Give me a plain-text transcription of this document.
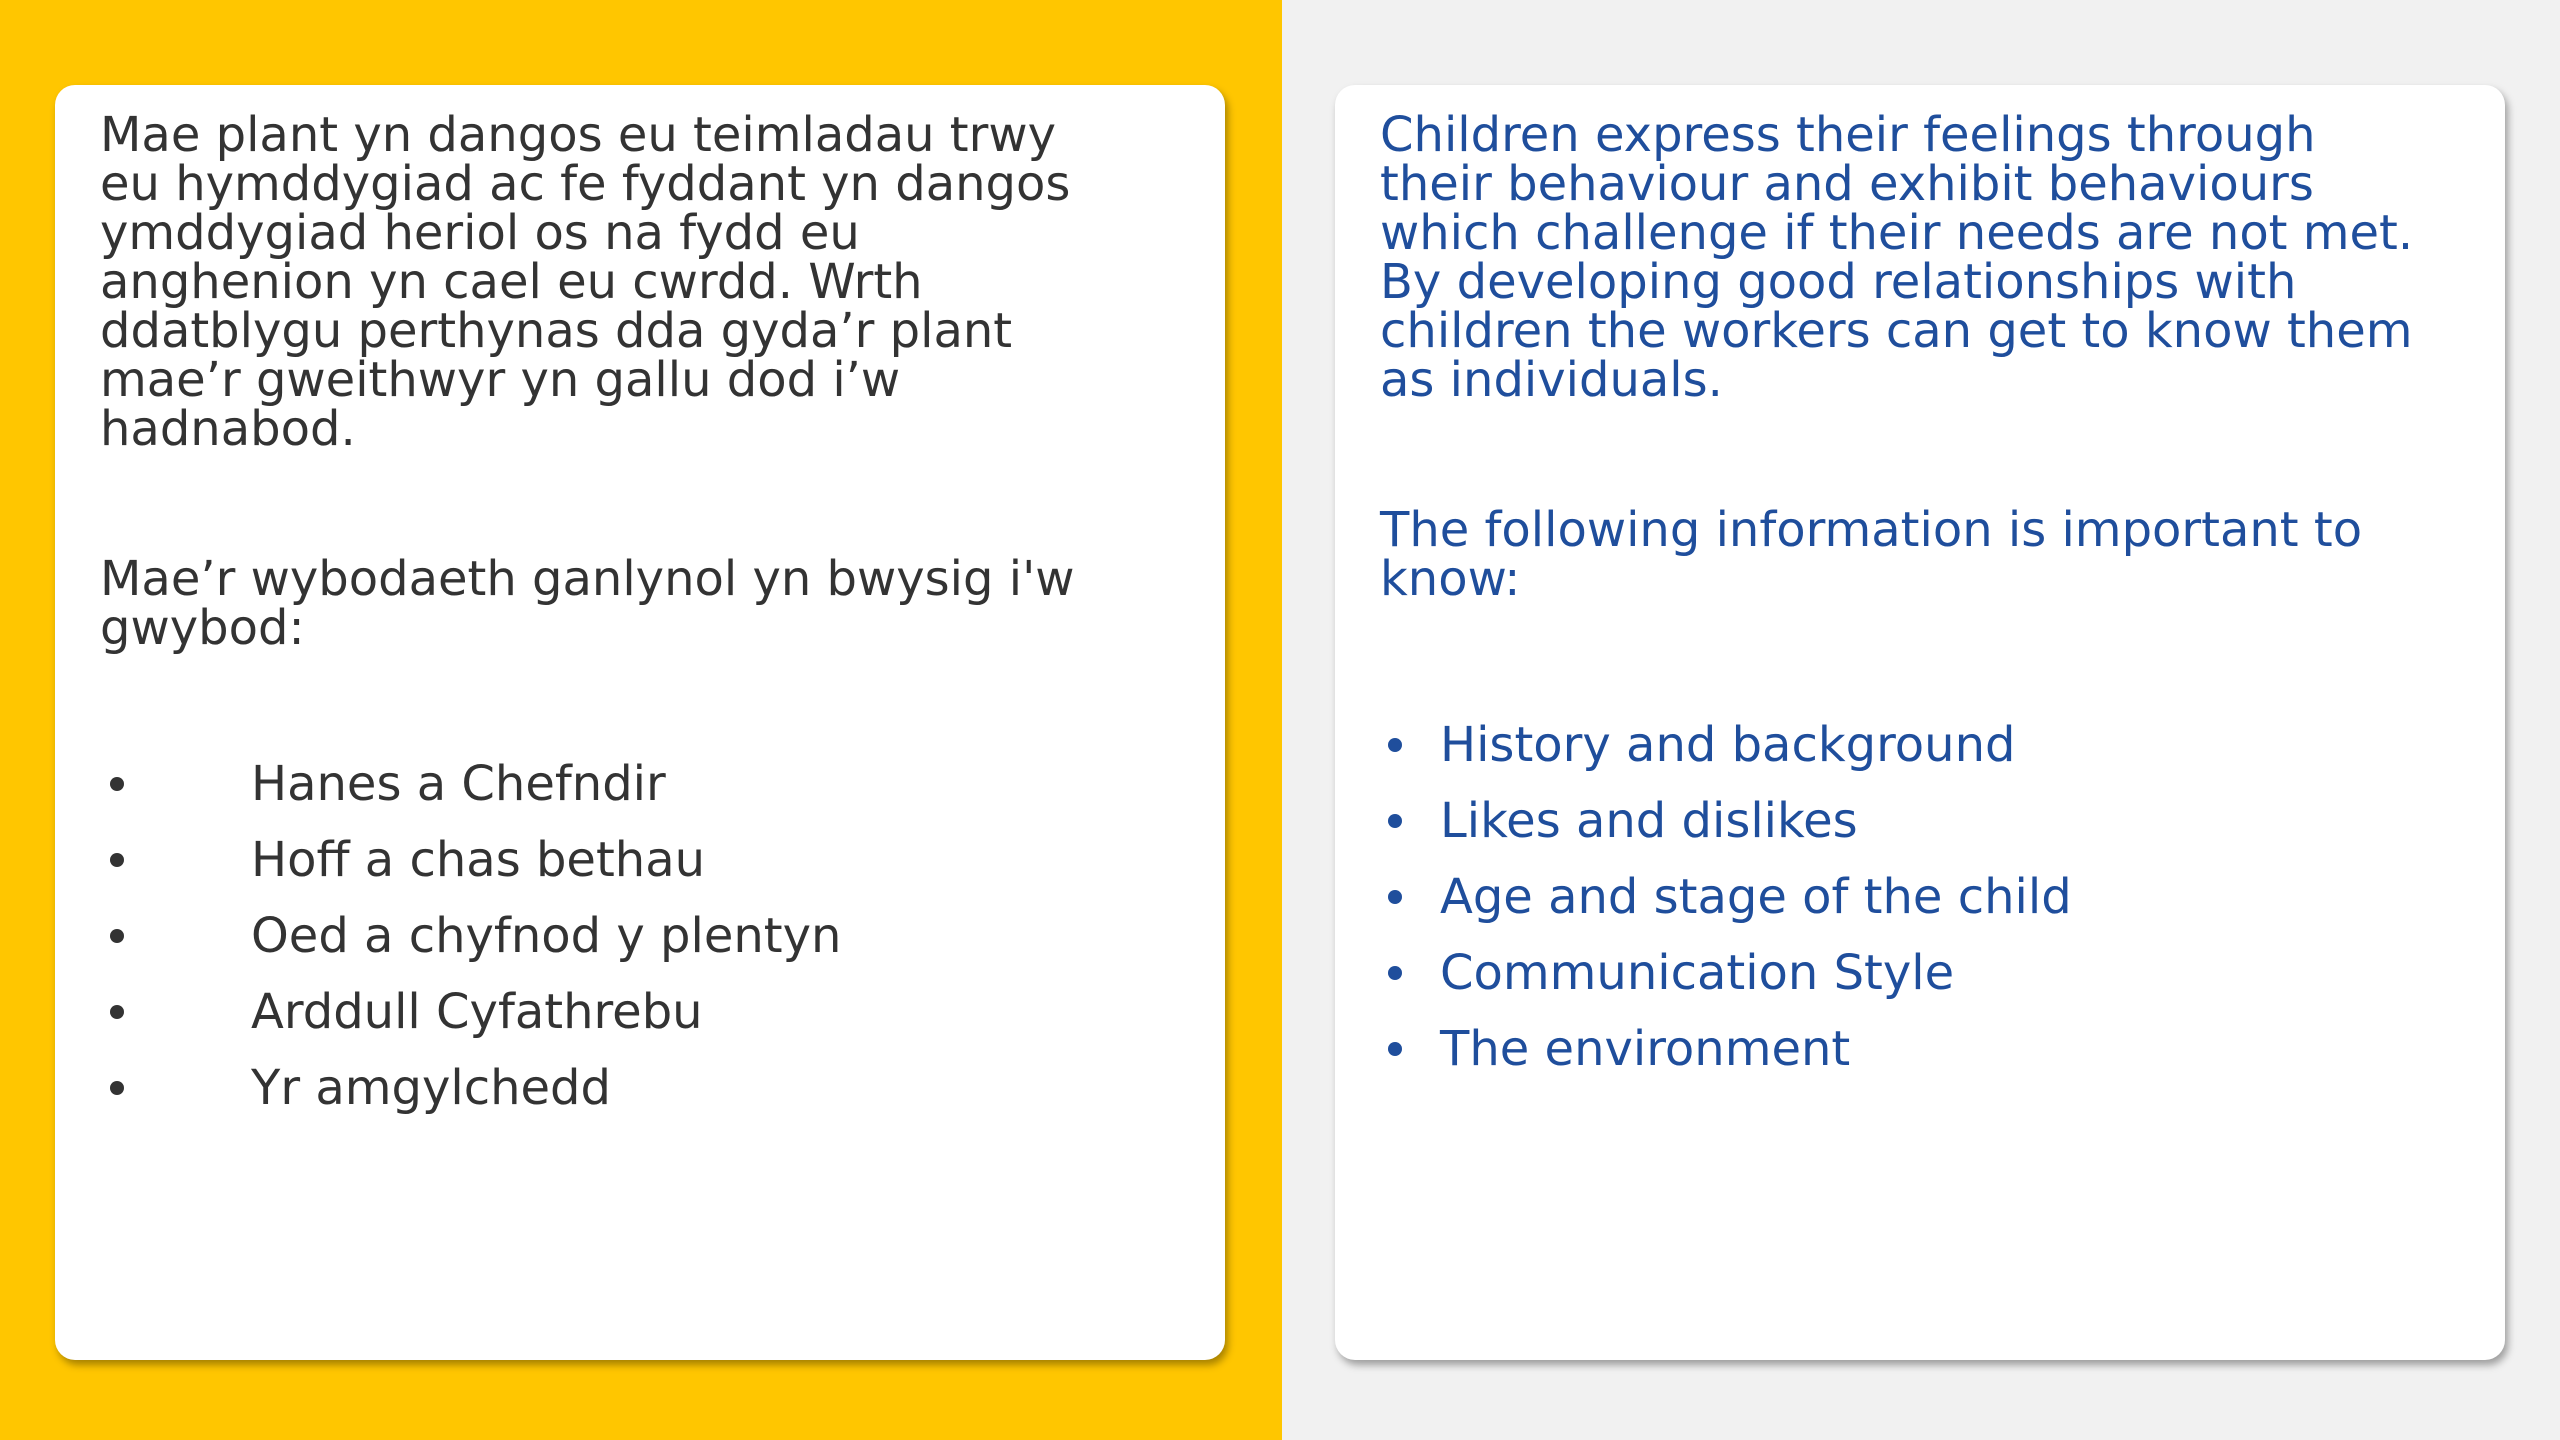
Mae plant yn dangos eu teimladau trwy
eu hymddygiad ac fe fyddant yn dangos
ymddygiad heriol os na fydd eu
anghenion yn cael eu cwrdd. Wrth
ddatblygu perthynas dda gyda’r plant
mae’r gweithwyr yn gallu dod i’w
hadnabod.

Mae’r wybodaeth ganlynol yn bwysig i'w
gwybod:

Hanes a Chefndir
Hoff a chas bethau
Oed a chyfnod y plentyn
Arddull Cyfathrebu
Yr amgylchedd

Children express their feelings through
their behaviour and exhibit behaviours
which challenge if their needs are not met.
By developing good relationships with
children the workers can get to know them
as individuals.

The following information is important to
know:

History and background
Likes and dislikes
Age and stage of the child
Communication Style
The environment
